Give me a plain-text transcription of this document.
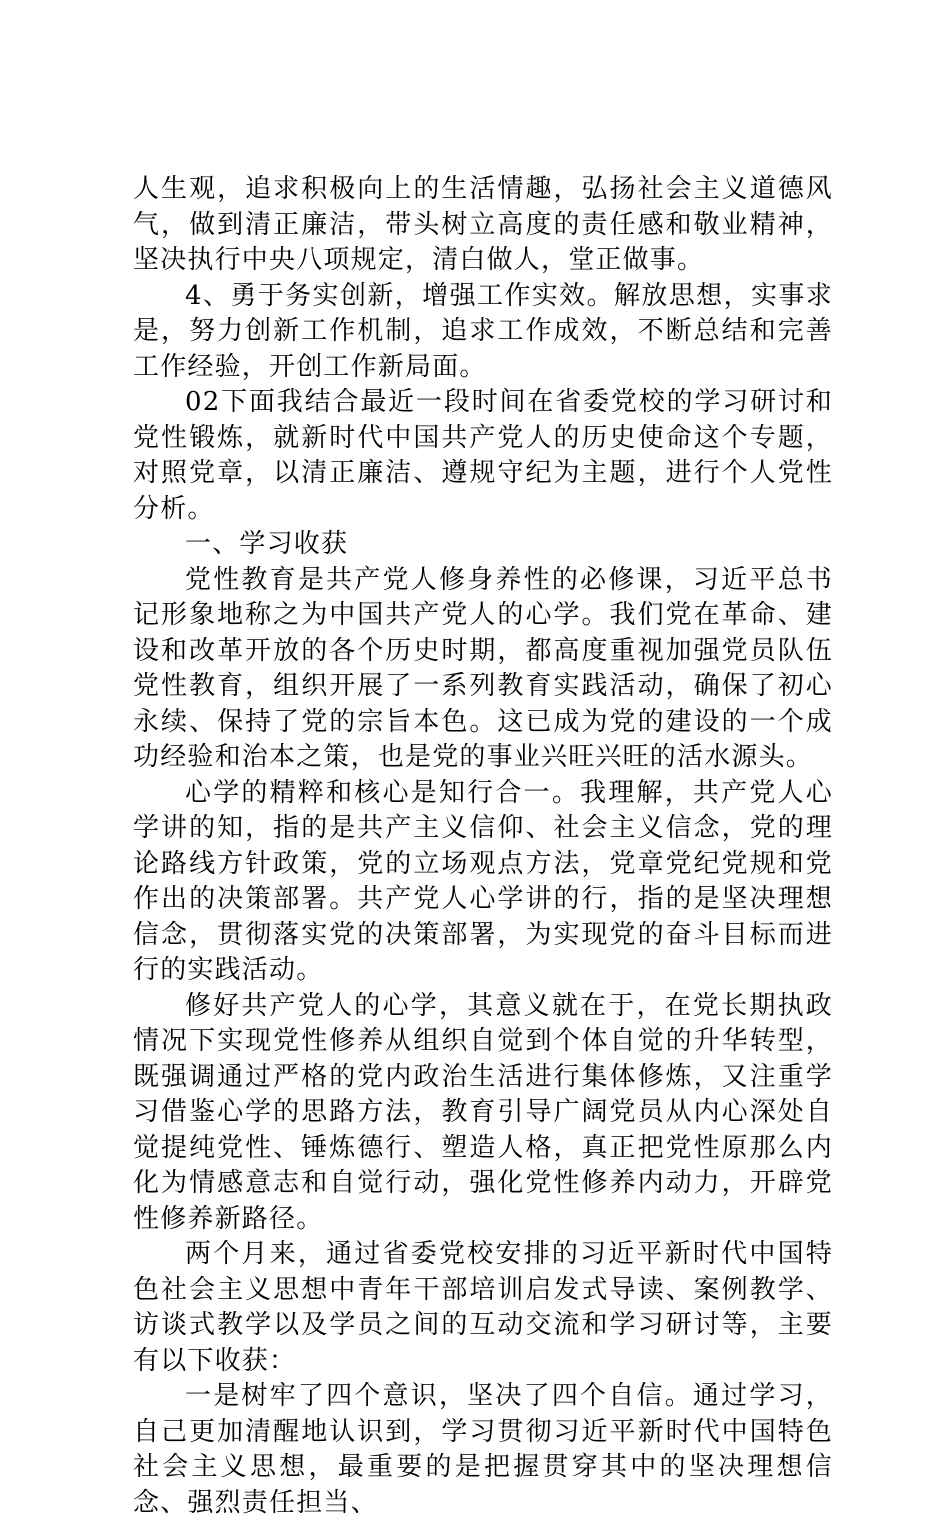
人生观，追求积极向上的生活情趣，弘扬社会主义道德风气，做到清正廉洁，带头树立高度的责任感和敬业精神，坚决执行中央八项规定，清白做人，堂正做事。

4、勇于务实创新，增强工作实效。解放思想，实事求是，努力创新工作机制，追求工作成效，不断总结和完善工作经验，开创工作新局面。

02下面我结合最近一段时间在省委党校的学习研讨和党性锻炼，就新时代中国共产党人的历史使命这个专题，对照党章，以清正廉洁、遵规守纪为主题，进行个人党性分析。

一、学习收获

党性教育是共产党人修身养性的必修课，习近平总书记形象地称之为中国共产党人的心学。我们党在革命、建设和改革开放的各个历史时期，都高度重视加强党员队伍党性教育，组织开展了一系列教育实践活动，确保了初心永续、保持了党的宗旨本色。这已成为党的建设的一个成功经验和治本之策，也是党的事业兴旺兴旺的活水源头。

心学的精粹和核心是知行合一。我理解，共产党人心学讲的知，指的是共产主义信仰、社会主义信念，党的理论路线方针政策，党的立场观点方法，党章党纪党规和党作出的决策部署。共产党人心学讲的行，指的是坚决理想信念，贯彻落实党的决策部署，为实现党的奋斗目标而进行的实践活动。

修好共产党人的心学，其意义就在于，在党长期执政情况下实现党性修养从组织自觉到个体自觉的升华转型，既强调通过严格的党内政治生活进行集体修炼，又注重学习借鉴心学的思路方法，教育引导广阔党员从内心深处自觉提纯党性、锤炼德行、塑造人格，真正把党性原那么内化为情感意志和自觉行动，强化党性修养内动力，开辟党性修养新路径。

两个月来，通过省委党校安排的习近平新时代中国特色社会主义思想中青年干部培训启发式导读、案例教学、访谈式教学以及学员之间的互动交流和学习研讨等，主要有以下收获：

一是树牢了四个意识，坚决了四个自信。通过学习，自己更加清醒地认识到，学习贯彻习近平新时代中国特色社会主义思想，最重要的是把握贯穿其中的坚决理想信念、强烈责任担当、
